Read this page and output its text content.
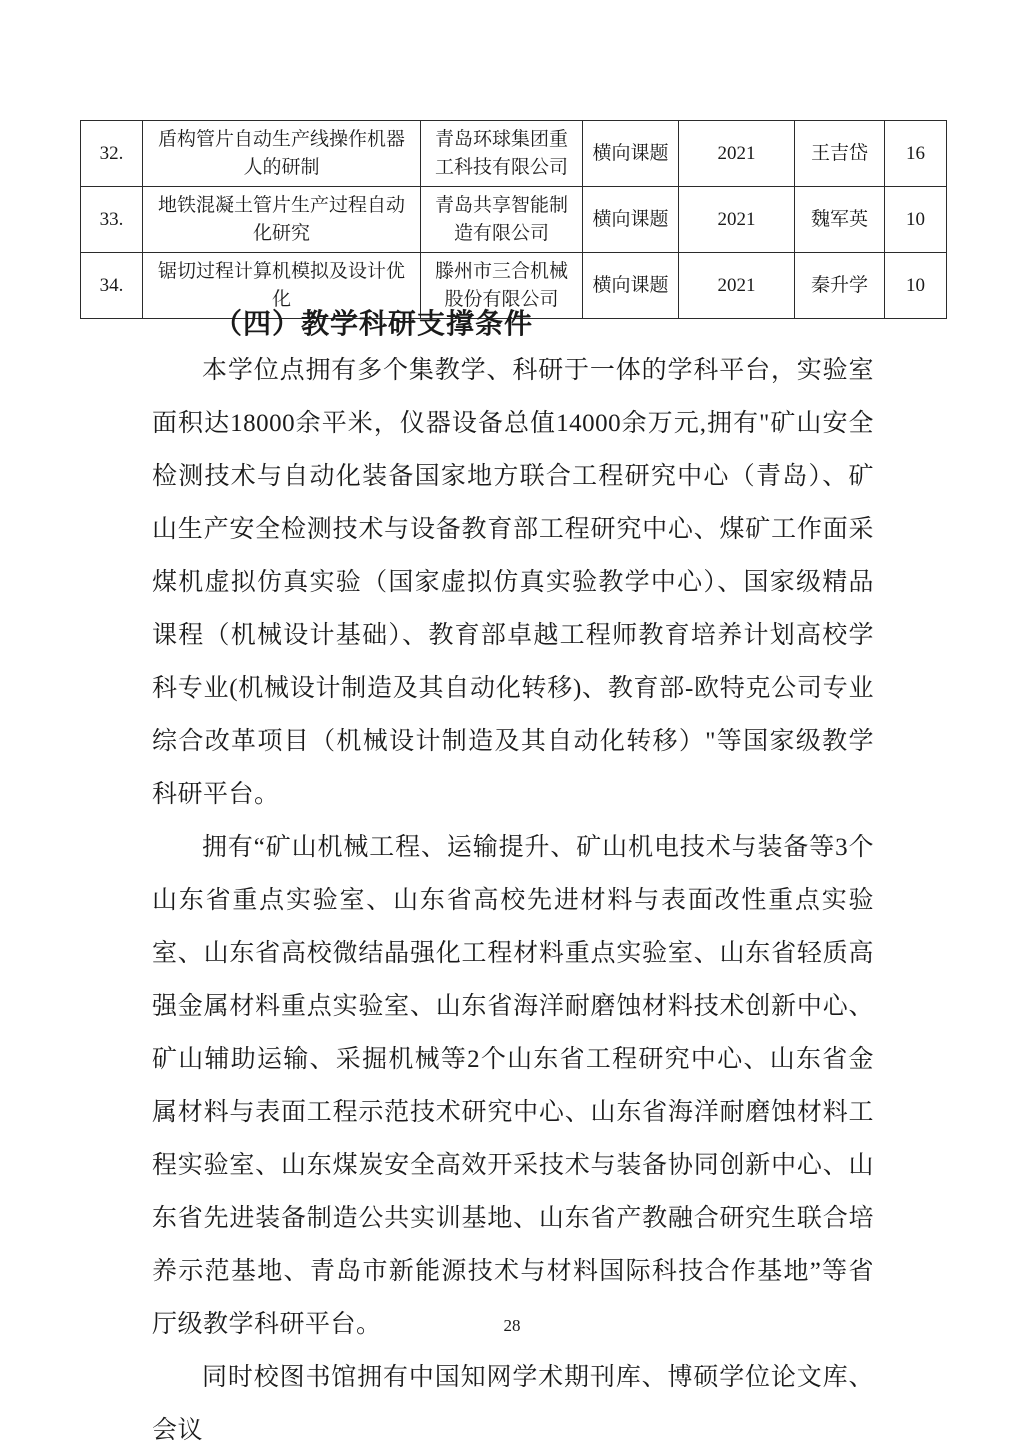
32.	盾构管片自动生产线操作机器人的研制	青岛环球集团重工科技有限公司	横向课题	2021	王吉岱	16
33.	地铁混凝土管片生产过程自动化研究	青岛共享智能制造有限公司	横向课题	2021	魏军英	10
34.	锯切过程计算机模拟及设计优化	滕州市三合机械股份有限公司	横向课题	2021	秦升学	10
（四）教学科研支撑条件

本学位点拥有多个集教学、科研于一体的学科平台，实验室面积达18000余平米，仪器设备总值14000余万元,拥有"矿山安全检测技术与自动化装备国家地方联合工程研究中心（青岛）、矿山生产安全检测技术与设备教育部工程研究中心、煤矿工作面采煤机虚拟仿真实验（国家虚拟仿真实验教学中心）、国家级精品课程（机械设计基础）、教育部卓越工程师教育培养计划高校学科专业(机械设计制造及其自动化转移)、教育部-欧特克公司专业综合改革项目（机械设计制造及其自动化转移）"等国家级教学科研平台。

拥有“矿山机械工程、运输提升、矿山机电技术与装备等3个山东省重点实验室、山东省高校先进材料与表面改性重点实验室、山东省高校微结晶强化工程材料重点实验室、山东省轻质高强金属材料重点实验室、山东省海洋耐磨蚀材料技术创新中心、矿山辅助运输、采掘机械等2个山东省工程研究中心、山东省金属材料与表面工程示范技术研究中心、山东省海洋耐磨蚀材料工程实验室、山东煤炭安全高效开采技术与装备协同创新中心、山东省先进装备制造公共实训基地、山东省产教融合研究生联合培养示范基地、青岛市新能源技术与材料国际科技合作基地”等省厅级教学科研平台。

同时校图书馆拥有中国知网学术期刊库、博硕学位论文库、会议

28
